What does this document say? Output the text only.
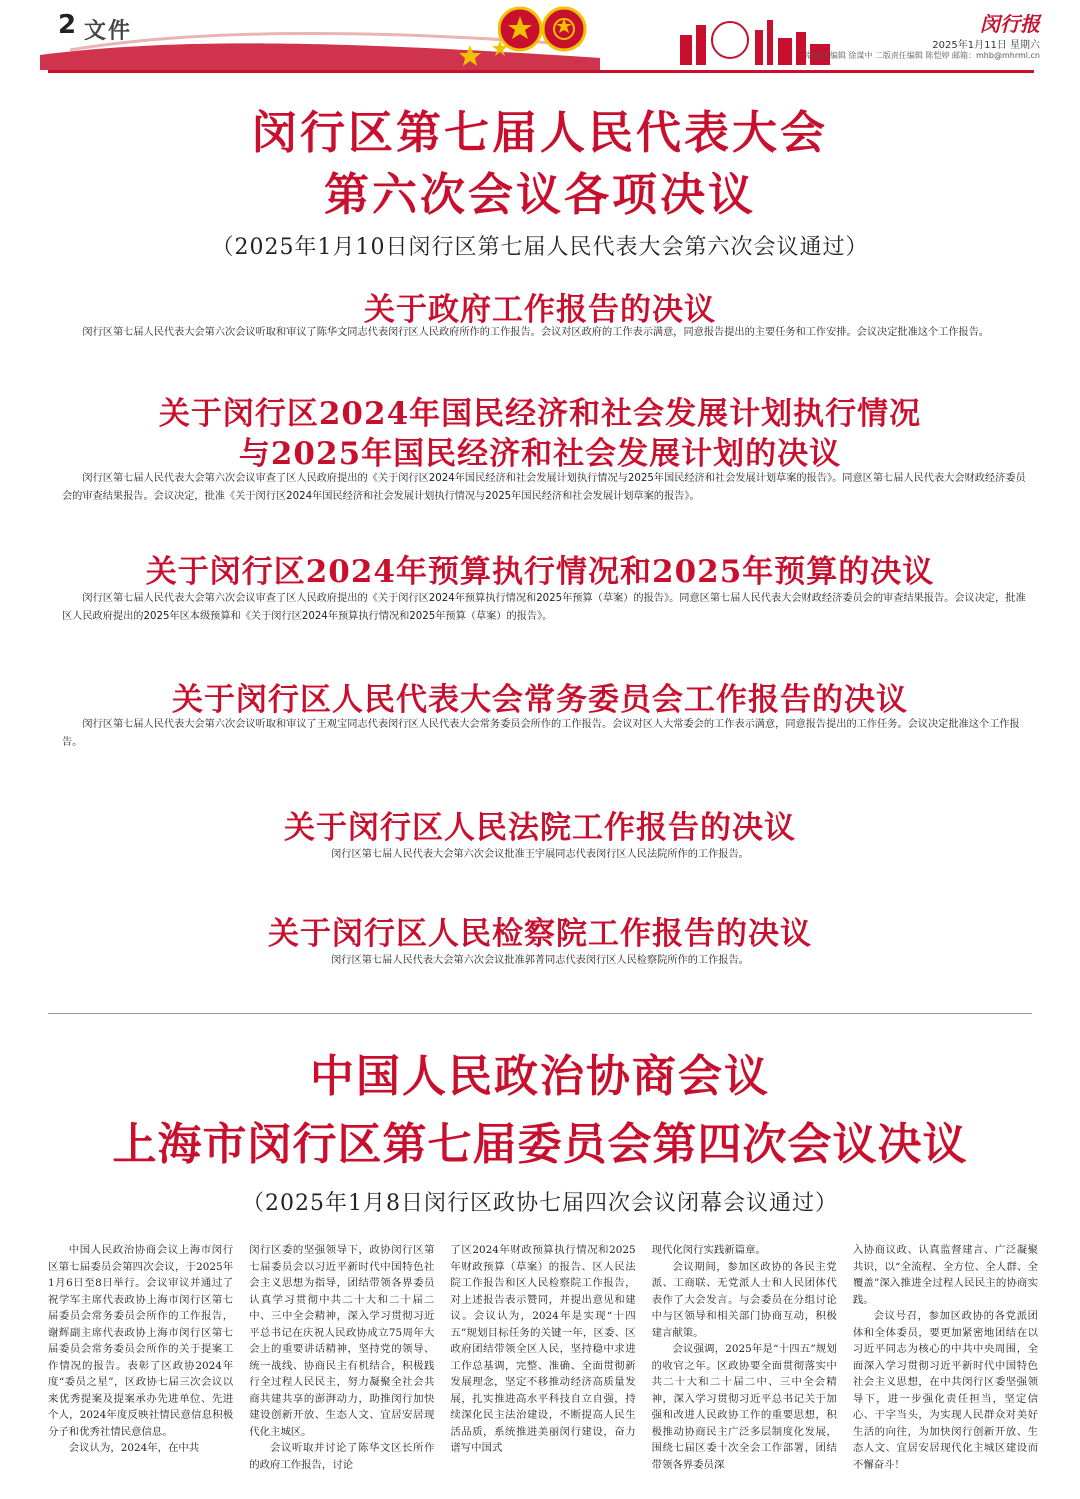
2 文件	闵行报
2025年1月11日 星期六
一版责任编辑 徐谋中 二版责任编辑 陈恺婷 邮箱：mhb@mhrml.cn
闵行区第七届人民代表大会
第六次会议各项决议
（2025年1月10日闵行区第七届人民代表大会第六次会议通过）
关于政府工作报告的决议
闵行区第七届人民代表大会第六次会议听取和审议了陈华文同志代表闵行区人民政府所作的工作报告。会议对区政府的工作表示满意，同意报告提出的主要任务和工作安排。会议决定批准这个工作报告。
关于闵行区2024年国民经济和社会发展计划执行情况
与2025年国民经济和社会发展计划的决议
闵行区第七届人民代表大会第六次会议审查了区人民政府提出的《关于闵行区2024年国民经济和社会发展计划执行情况与2025年国民经济和社会发展计划草案的报告》。同意区第七届人民代表大会财政经济委员会的审查结果报告。会议决定，批准《关于闵行区2024年国民经济和社会发展计划执行情况与2025年国民经济和社会发展计划草案的报告》。
关于闵行区2024年预算执行情况和2025年预算的决议
闵行区第七届人民代表大会第六次会议审查了区人民政府提出的《关于闵行区2024年预算执行情况和2025年预算（草案）的报告》。同意区第七届人民代表大会财政经济委员会的审查结果报告。会议决定，批准区人民政府提出的2025年区本级预算和《关于闵行区2024年预算执行情况和2025年预算（草案）的报告》。
关于闵行区人民代表大会常务委员会工作报告的决议
闵行区第七届人民代表大会第六次会议听取和审议了王观宝同志代表闵行区人民代表大会常务委员会所作的工作报告。会议对区人大常委会的工作表示满意，同意报告提出的工作任务。会议决定批准这个工作报告。
关于闵行区人民法院工作报告的决议
闵行区第七届人民代表大会第六次会议批准王宇展同志代表闵行区人民法院所作的工作报告。
关于闵行区人民检察院工作报告的决议
闵行区第七届人民代表大会第六次会议批准郭菁同志代表闵行区人民检察院所作的工作报告。
中国人民政治协商会议
上海市闵行区第七届委员会第四次会议决议
（2025年1月8日闵行区政协七届四次会议闭幕会议通过）

中国人民政治协商会议上海市闵行区第七届委员会第四次会议，于2025年1月6日至8日举行。会议审议并通过了祝学军主席代表政协上海市闵行区第七届委员会常务委员会所作的工作报告，谢辉副主席代表政协上海市闵行区第七届委员会常务委员会所作的关于提案工作情况的报告。表彰了区政协2024年度“委员之星”，区政协七届三次会议以来优秀提案及提案承办先进单位、先进个人，2024年度反映社情民意信息积极分子和优秀社情民意信息。

会议认为，2024年，在中共

闵行区委的坚强领导下，政协闵行区第七届委员会以习近平新时代中国特色社会主义思想为指导，团结带领各界委员认真学习贯彻中共二十大和二十届二中、三中全会精神，深入学习贯彻习近平总书记在庆祝人民政协成立75周年大会上的重要讲话精神，坚持党的领导、统一战线、协商民主有机结合，积极践行全过程人民民主，努力凝聚全社会共商共建共享的澎湃动力，助推闵行加快建设创新开放、生态人文、宜居安居现代化主城区。

会议听取并讨论了陈华文区长所作的政府工作报告，讨论

了区2024年财政预算执行情况和2025年财政预算（草案）的报告、区人民法院工作报告和区人民检察院工作报告，对上述报告表示赞同，并提出意见和建议。会议认为，2024年是实现“十四五”规划目标任务的关键一年，区委、区政府团结带领全区人民，坚持稳中求进工作总基调，完整、准确、全面贯彻新发展理念，坚定不移推动经济高质量发展，扎实推进高水平科技自立自强，持续深化民主法治建设，不断提高人民生活品质，系统推进美丽闵行建设，奋力谱写中国式

现代化闵行实践新篇章。

会议期间，参加区政协的各民主党派、工商联、无党派人士和人民团体代表作了大会发言。与会委员在分组讨论中与区领导和相关部门协商互动，积极建言献策。

会议强调，2025年是“十四五”规划的收官之年。区政协要全面贯彻落实中共二十大和二十届二中、三中全会精神，深入学习贯彻习近平总书记关于加强和改进人民政协工作的重要思想，积极推动协商民主广泛多层制度化发展，围绕七届区委十次全会工作部署，团结带领各界委员深

入协商议政、认真监督建言、广泛凝聚共识，以“全流程、全方位、全人群、全覆盖”深入推进全过程人民民主的协商实践。

会议号召，参加区政协的各党派团体和全体委员，要更加紧密地团结在以习近平同志为核心的中共中央周围，全面深入学习贯彻习近平新时代中国特色社会主义思想，在中共闵行区委坚强领导下，进一步强化责任担当，坚定信心、干字当头，为实现人民群众对美好生活的向往，为加快闵行创新开放、生态人文、宜居安居现代化主城区建设而不懈奋斗！
